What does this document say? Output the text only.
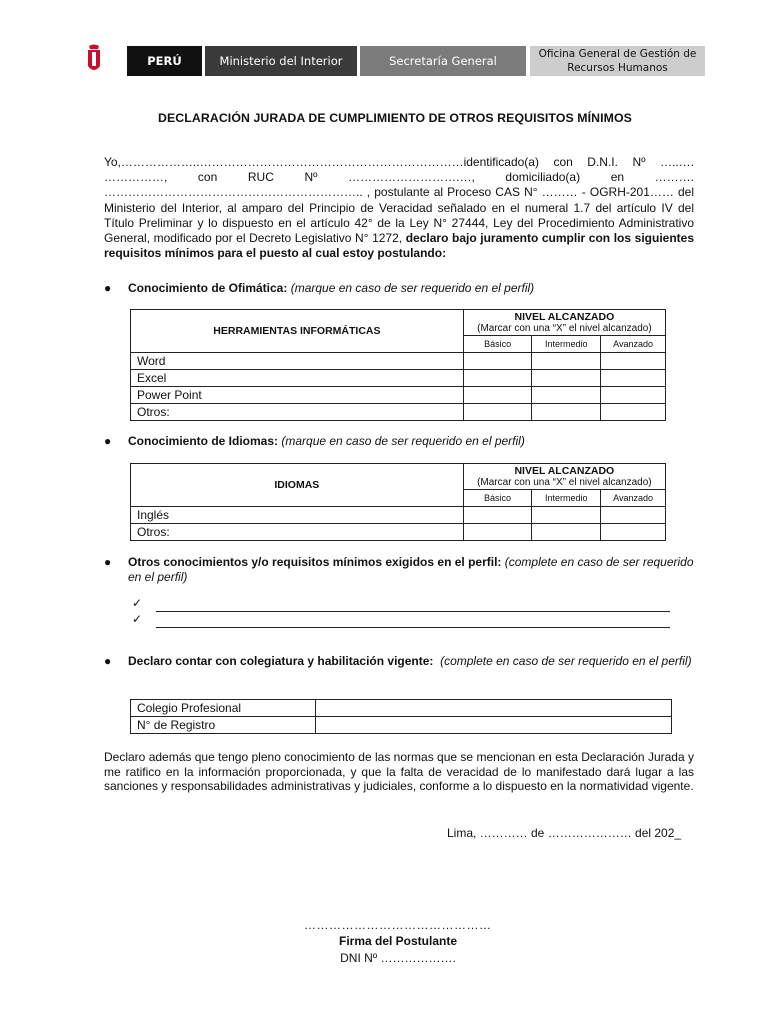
PERÚ	Ministerio del Interior	Secretaría General	Oficina General de Gestión de Recursos Humanos
DECLARACIÓN JURADA DE CUMPLIMIENTO DE OTROS REQUISITOS MÍNIMOS
Yo,………………..…………………………………………………………identificado(a) con D.N.I. Nº …..…. ……………, con RUC Nº ……………………….…, domiciliado(a) en ………. ……………………………………………………….. , postulante al Proceso CAS N° ……… - OGRH-201…… del Ministerio del Interior, al amparo del Principio de Veracidad señalado en el numeral 1.7 del artículo IV del Título Preliminar y lo dispuesto en el artículo 42° de la Ley N° 27444, Ley del Procedimiento Administrativo General, modificado por el Decreto Legislativo N° 1272, declaro bajo juramento cumplir con los siguientes requisitos mínimos para el puesto al cual estoy postulando:
●	Conocimiento de Ofimática: (marque en caso de ser requerido en el perfil)
HERRAMIENTAS INFORMÁTICAS	NIVEL ALCANZADO
(Marcar con una “X” el nivel alcanzado)		
	Básico	Intermedio	Avanzado
Word			
Excel			
Power Point			
Otros:			
●	Conocimiento de Idiomas: (marque en caso de ser requerido en el perfil)
IDIOMAS	NIVEL ALCANZADO
(Marcar con una “X” el nivel alcanzado)		
	Básico	Intermedio	Avanzado
Inglés			
Otros:			
●	Otros conocimientos y/o requisitos mínimos exigidos en el perfil: (complete en caso de ser requerido en el perfil)
✓
✓
●	Declaro contar con colegiatura y habilitación vigente: (complete en caso de ser requerido en el perfil)
Colegio Profesional	
N° de Registro	
Declaro además que tengo pleno conocimiento de las normas que se mencionan en esta Declaración Jurada y me ratifico en la información proporcionada, y que la falta de veracidad de lo manifestado dará lugar a las sanciones y responsabilidades administrativas y judiciales, conforme a lo dispuesto en la normatividad vigente.
Lima, ………… de ………………… del 202_
………………………………………
Firma del Postulante
DNI Nº ……………….
